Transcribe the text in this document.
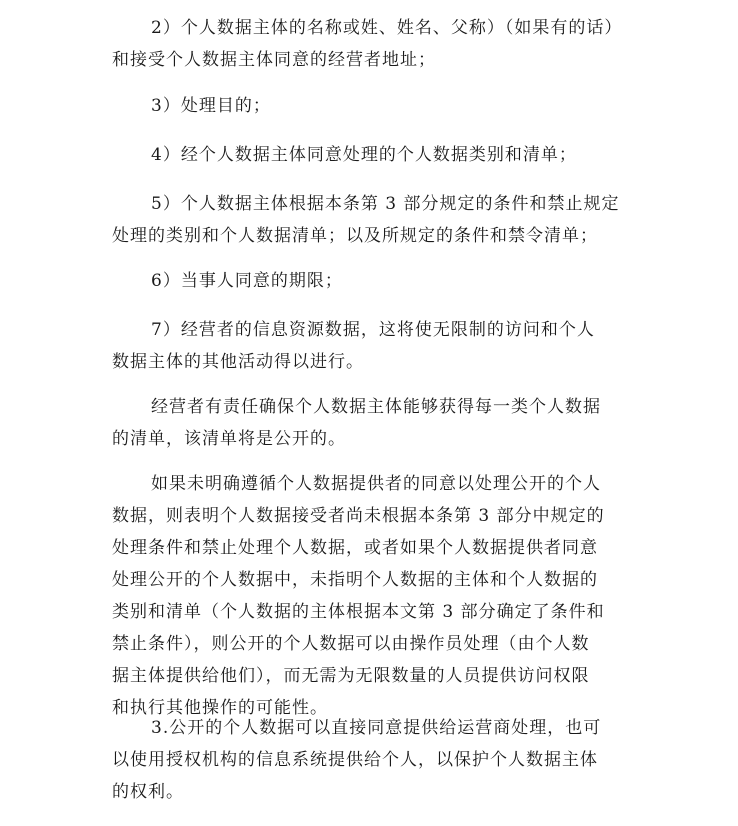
2）个人数据主体的名称或姓、姓名、父称）（如果有的话）
和接受个人数据主体同意的经营者地址；

3）处理目的；

4）经个人数据主体同意处理的个人数据类别和清单；

5）个人数据主体根据本条第 3 部分规定的条件和禁止规定
处理的类别和个人数据清单；以及所规定的条件和禁令清单；

6）当事人同意的期限；

7）经营者的信息资源数据，这将使无限制的访问和个人
数据主体的其他活动得以进行。

经营者有责任确保个人数据主体能够获得每一类个人数据
的清单，该清单将是公开的。

如果未明确遵循个人数据提供者的同意以处理公开的个人
数据，则表明个人数据接受者尚未根据本条第 3 部分中规定的
处理条件和禁止处理个人数据，或者如果个人数据提供者同意
处理公开的个人数据中，未指明个人数据的主体和个人数据的
类别和清单（个人数据的主体根据本文第 3 部分确定了条件和
禁止条件），则公开的个人数据可以由操作员处理（由个人数
据主体提供给他们），而无需为无限数量的人员提供访问权限
和执行其他操作的可能性。

3.公开的个人数据可以直接同意提供给运营商处理，也可
以使用授权机构的信息系统提供给个人，以保护个人数据主体
的权利。
